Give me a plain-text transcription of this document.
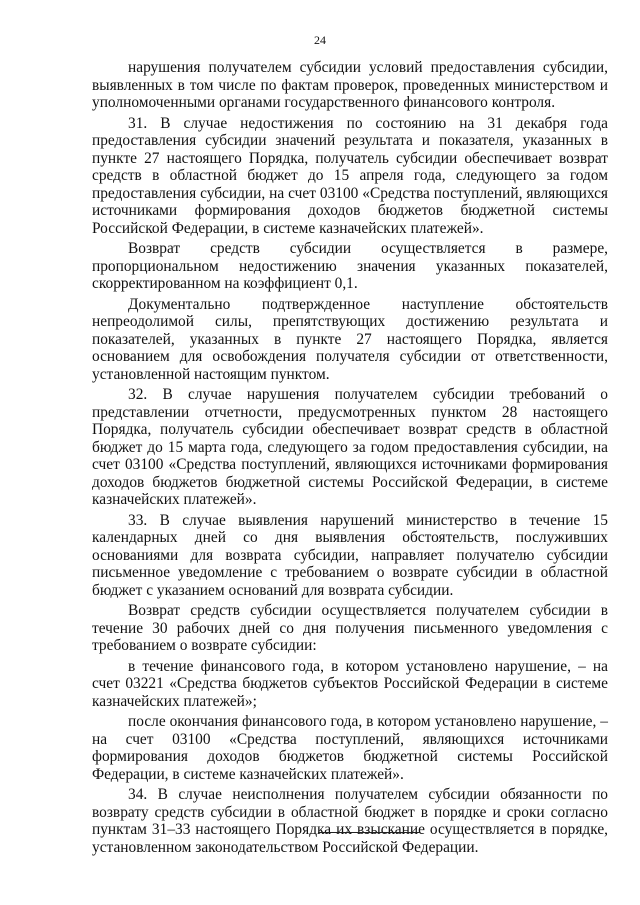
24

нарушения получателем субсидии условий предоставления субсидии, выявленных в том числе по фактам проверок, проведенных министерством и уполномоченными органами государственного финансового контроля.

31. В случае недостижения по состоянию на 31 декабря года предоставления субсидии значений результата и показателя, указанных в пункте 27 настоящего Порядка, получатель субсидии обеспечивает возврат средств в областной бюджет до 15 апреля года, следующего за годом предоставления субсидии, на счет 03100 «Средства поступлений, являющихся источниками формирования доходов бюджетов бюджетной системы Российской Федерации, в системе казначейских платежей».

Возврат средств субсидии осуществляется в размере, пропорциональном недостижению значения указанных показателей, скорректированном на коэффициент 0,1.

Документально подтвержденное наступление обстоятельств непреодолимой силы, препятствующих достижению результата и показателей, указанных в пункте 27 настоящего Порядка, является основанием для освобождения получателя субсидии от ответственности, установленной настоящим пунктом.

32. В случае нарушения получателем субсидии требований о представлении отчетности, предусмотренных пунктом 28 настоящего Порядка, получатель субсидии обеспечивает возврат средств в областной бюджет до 15 марта года, следующего за годом предоставления субсидии, на счет 03100 «Средства поступлений, являющихся источниками формирования доходов бюджетов бюджетной системы Российской Федерации, в системе казначейских платежей».

33. В случае выявления нарушений министерство в течение 15 календарных дней со дня выявления обстоятельств, послуживших основаниями для возврата субсидии, направляет получателю субсидии письменное уведомление с требованием о возврате субсидии в областной бюджет с указанием оснований для возврата субсидии.

Возврат средств субсидии осуществляется получателем субсидии в течение 30 рабочих дней со дня получения письменного уведомления с требованием о возврате субсидии:

в течение финансового года, в котором установлено нарушение, – на счет 03221 «Средства бюджетов субъектов Российской Федерации в системе казначейских платежей»;

после окончания финансового года, в котором установлено нарушение, – на счет 03100 «Средства поступлений, являющихся источниками формирования доходов бюджетов бюджетной системы Российской Федерации, в системе казначейских платежей».

34. В случае неисполнения получателем субсидии обязанности по возврату средств субсидии в областной бюджет в порядке и сроки согласно пунктам 31–33 настоящего Порядка их взыскание осуществляется в порядке, установленном законодательством Российской Федерации.
